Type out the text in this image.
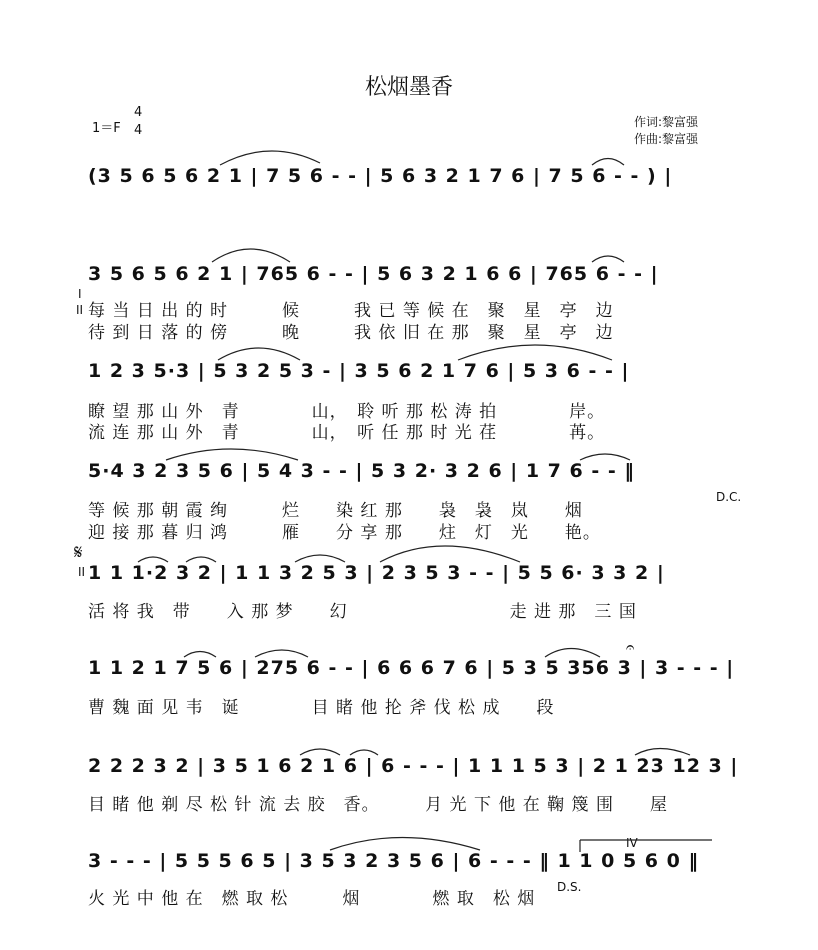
松烟墨香
1＝F
4
4
作词:黎富强
作曲:黎富强
(3 5 6 5 6 2 1 | 7 5 6 - - | 5 6 3 2 1 7 6 | 7 5 6 - - ) |
3 5 6 5 6 2 1 | 765 6 - - | 5 6 3 2 1 6 6 | 765 6 - - |
每 当 日 出 的 时　　　候　　　我 已 等 候 在　聚　星　亭　边
待 到 日 落 的 傍　　　晚　　　我 依 旧 在 那　聚　星　亭　边
I
II
1 2 3 5·3 | 5 3 2 5 3 - | 3 5 6 2 1 7 6 | 5 3 6 - - |
瞭 望 那 山 外　青　　　　山，　聆 听 那 松 涛 拍　　　　岸。
流 连 那 山 外　青　　　　山，　听 任 那 时 光 荏　　　　苒。
5·4 3 2 3 5 6 | 5 4 3 - - | 5 3 2· 3 2 6 | 1 7 6 - - ‖
等 候 那 朝 霞 绚　　　烂　　染 红 那　　袅　袅　岚　　烟
迎 接 那 暮 归 鸿　　　雁　　分 享 那　　炷　灯　光　　艳。
D.C.
𝄋
II 1 1 1·2 3 2 | 1 1 3 2 5 3 | 2 3 5 3 - - | 5 5 6· 3 3 2 |
活 将 我　带　　入 那 梦　　幻　　　　　　　　　走 进 那　三 国
1 1 2 1 7 5 6 | 275 6 - - | 6 6 6 7 6 | 5 3 5 356 3 | 3 - - - |
曹 魏 面 见 韦　诞　　　　目 睹 他 抡 斧 伐 松 成　　段
𝄐
2 2 2 3 2 | 3 5 1 6 2 1 6 | 6 - - - | 1 1 1 5 3 | 2 1 23 12 3 |
目 睹 他 剃 尽 松 针 流 去 胶　香。　　　月 光 下 他 在 鞠 篾 围　　屋
3 - - - | 5 5 5 6 5 | 3 5 3 2 3 5 6 | 6 - - - ‖ 1 1 0 5 6 0 ‖
火 光 中 他 在　燃 取 松　　　烟　　　　燃 取　松 烟
D.S.
IV
